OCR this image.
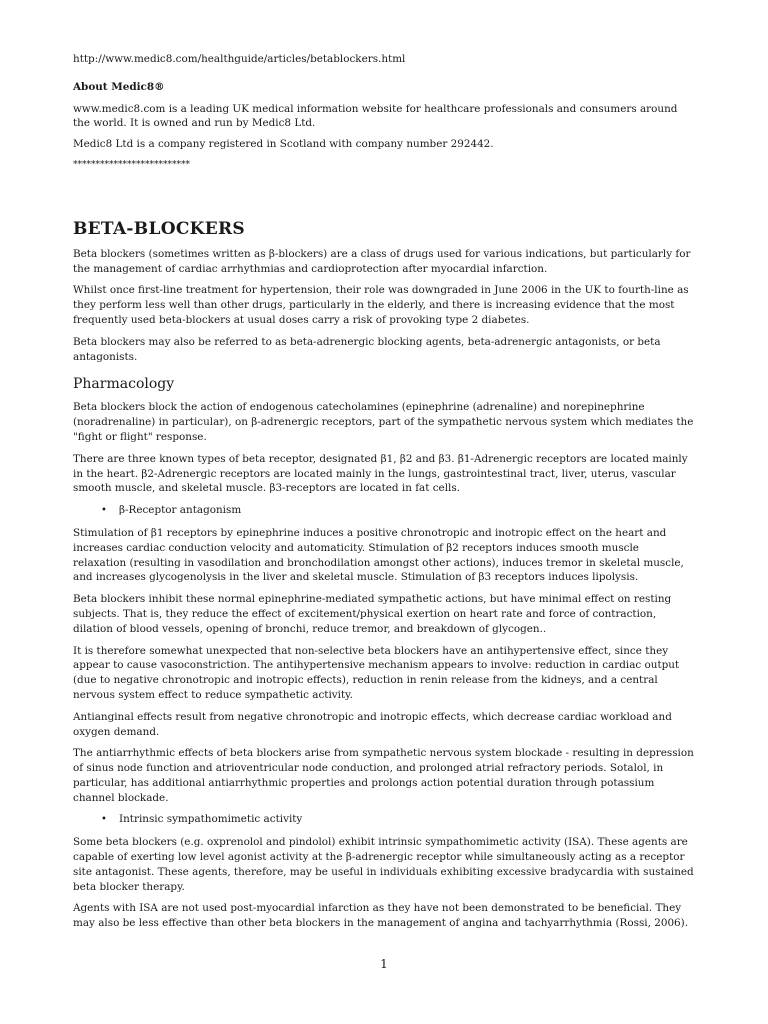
http://www.medic8.com/healthguide/articles/betablockers.html

About Medic8®

www.medic8.com is a leading UK medical information website for healthcare professionals and consumers around the world. It is owned and run by Medic8 Ltd.

Medic8 Ltd is a company registered in Scotland with company number 292442.

**************************

BETA-BLOCKERS

Beta blockers (sometimes written as β-blockers) are a class of drugs used for various indications, but particularly for the management of cardiac arrhythmias and cardioprotection after myocardial infarction.

Whilst once first-line treatment for hypertension, their role was downgraded in June 2006 in the UK to fourth-line as they perform less well than other drugs, particularly in the elderly, and there is increasing evidence that the most frequently used beta-blockers at usual doses carry a risk of provoking type 2 diabetes.

Beta blockers may also be referred to as beta-adrenergic blocking agents, beta-adrenergic antagonists, or beta antagonists.

Pharmacology

Beta blockers block the action of endogenous catecholamines (epinephrine (adrenaline) and norepinephrine (noradrenaline) in particular), on β-adrenergic receptors, part of the sympathetic nervous system which mediates the "fight or flight" response.

There are three known types of beta receptor, designated β1, β2 and β3. β1-Adrenergic receptors are located mainly in the heart. β2-Adrenergic receptors are located mainly in the lungs, gastrointestinal tract, liver, uterus, vascular smooth muscle, and skeletal muscle. β3-receptors are located in fat cells.

•	β-Receptor antagonism

Stimulation of β1 receptors by epinephrine induces a positive chronotropic and inotropic effect on the heart and increases cardiac conduction velocity and automaticity. Stimulation of β2 receptors induces smooth muscle relaxation (resulting in vasodilation and bronchodilation amongst other actions), induces tremor in skeletal muscle, and increases glycogenolysis in the liver and skeletal muscle. Stimulation of β3 receptors induces lipolysis.

Beta blockers inhibit these normal epinephrine-mediated sympathetic actions, but have minimal effect on resting subjects. That is, they reduce the effect of excitement/physical exertion on heart rate and force of contraction, dilation of blood vessels, opening of bronchi, reduce tremor, and breakdown of glycogen..

It is therefore somewhat unexpected that non-selective beta blockers have an antihypertensive effect, since they appear to cause vasoconstriction. The antihypertensive mechanism appears to involve: reduction in cardiac output (due to negative chronotropic and inotropic effects), reduction in renin release from the kidneys, and a central nervous system effect to reduce sympathetic activity.

Antianginal effects result from negative chronotropic and inotropic effects, which decrease cardiac workload and oxygen demand.

The antiarrhythmic effects of beta blockers arise from sympathetic nervous system blockade - resulting in depression of sinus node function and atrioventricular node conduction, and prolonged atrial refractory periods. Sotalol, in particular, has additional antiarrhythmic properties and prolongs action potential duration through potassium channel blockade.

•	Intrinsic sympathomimetic activity

Some beta blockers (e.g. oxprenolol and pindolol) exhibit intrinsic sympathomimetic activity (ISA). These agents are capable of exerting low level agonist activity at the β-adrenergic receptor while simultaneously acting as a receptor site antagonist. These agents, therefore, may be useful in individuals exhibiting excessive bradycardia with sustained beta blocker therapy.

Agents with ISA are not used post-myocardial infarction as they have not been demonstrated to be beneficial. They may also be less effective than other beta blockers in the management of angina and tachyarrhythmia (Rossi, 2006).

1
